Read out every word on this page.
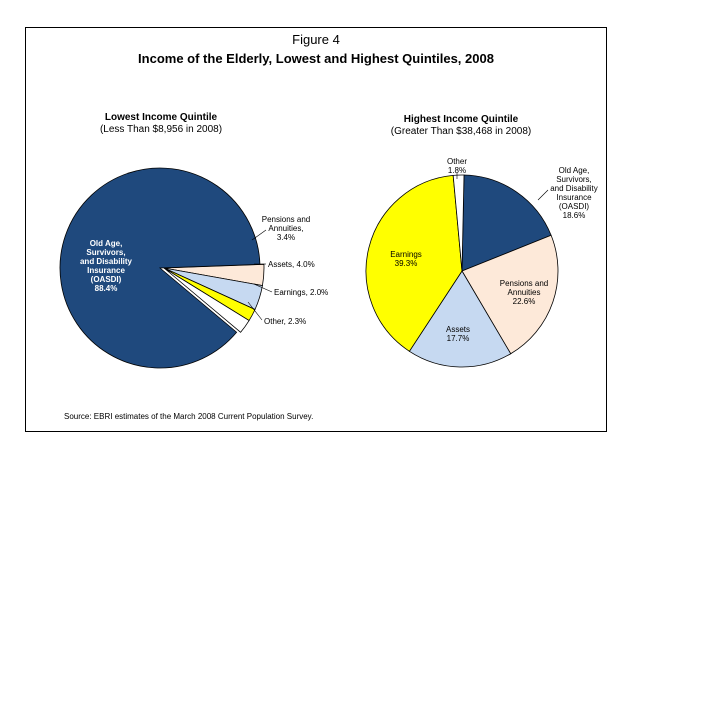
Figure 4
Income of the Elderly, Lowest and Highest Quintiles, 2008
Lowest Income Quintile
(Less Than $8,956 in 2008)
Highest Income Quintile
(Greater Than $38,468 in 2008)
Pensions and Annuities, 3.4%
Assets, 4.0%
Earnings, 2.0%
Other, 2.3%
Old Age, Survivors, and Disability Insurance (OASDI) 88.4%
Old Age, Survivors, and Disability Insurance (OASDI) 18.6%
Pensions and Annuities 22.6%
Assets 17.7%
Earnings 39.3%
Other 1.8%
Source: EBRI estimates of the March 2008 Current Population Survey.
